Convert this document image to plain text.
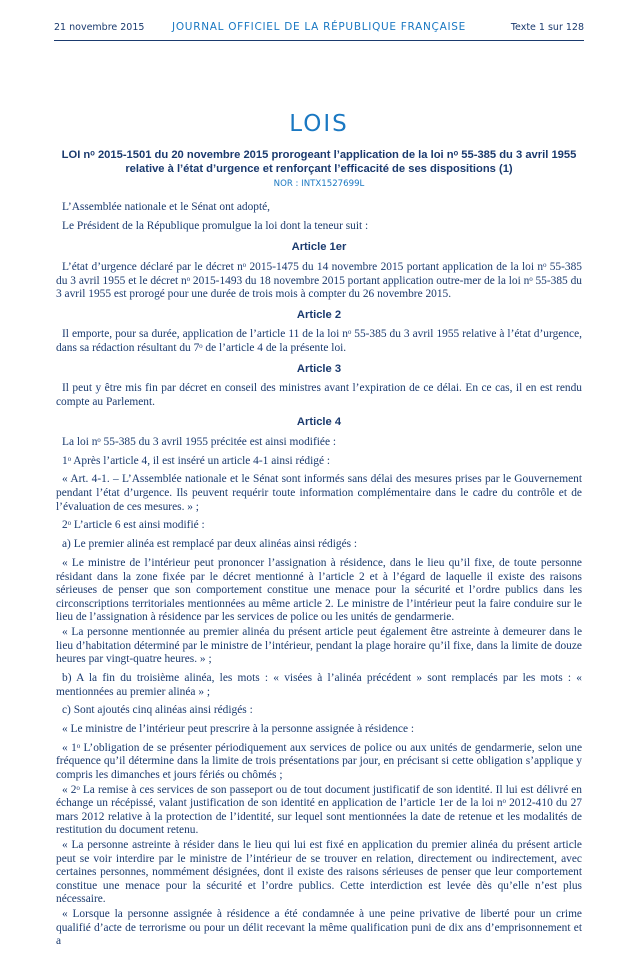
21 novembre 2015	JOURNAL OFFICIEL DE LA RÉPUBLIQUE FRANÇAISE	Texte 1 sur 128
LOIS
LOI nᵒ 2015-1501 du 20 novembre 2015 prorogeant l’application de la loi nᵒ 55-385 du 3 avril 1955 relative à l’état d’urgence et renforçant l’efficacité de ses dispositions (1)
NOR : INTX1527699L

L’Assemblée nationale et le Sénat ont adopté,

Le Président de la République promulgue la loi dont la teneur suit :

Article 1er

L’état d’urgence déclaré par le décret nᵒ 2015-1475 du 14 novembre 2015 portant application de la loi nᵒ 55-385 du 3 avril 1955 et le décret nᵒ 2015-1493 du 18 novembre 2015 portant application outre-mer de la loi nᵒ 55-385 du 3 avril 1955 est prorogé pour une durée de trois mois à compter du 26 novembre 2015.

Article 2

Il emporte, pour sa durée, application de l’article 11 de la loi nᵒ 55-385 du 3 avril 1955 relative à l’état d’urgence, dans sa rédaction résultant du 7ᵒ de l’article 4 de la présente loi.

Article 3

Il peut y être mis fin par décret en conseil des ministres avant l’expiration de ce délai. En ce cas, il en est rendu compte au Parlement.

Article 4

La loi nᵒ 55-385 du 3 avril 1955 précitée est ainsi modifiée :

1ᵒ Après l’article 4, il est inséré un article 4-1 ainsi rédigé :

« Art. 4-1. – L’Assemblée nationale et le Sénat sont informés sans délai des mesures prises par le Gouvernement pendant l’état d’urgence. Ils peuvent requérir toute information complémentaire dans le cadre du contrôle et de l’évaluation de ces mesures. » ;

2ᵒ L’article 6 est ainsi modifié :

a) Le premier alinéa est remplacé par deux alinéas ainsi rédigés :

« Le ministre de l’intérieur peut prononcer l’assignation à résidence, dans le lieu qu’il fixe, de toute personne résidant dans la zone fixée par le décret mentionné à l’article 2 et à l’égard de laquelle il existe des raisons sérieuses de penser que son comportement constitue une menace pour la sécurité et l’ordre publics dans les circonscriptions territoriales mentionnées au même article 2. Le ministre de l’intérieur peut la faire conduire sur le lieu de l’assignation à résidence par les services de police ou les unités de gendarmerie.

« La personne mentionnée au premier alinéa du présent article peut également être astreinte à demeurer dans le lieu d’habitation déterminé par le ministre de l’intérieur, pendant la plage horaire qu’il fixe, dans la limite de douze heures par vingt-quatre heures. » ;

b) A la fin du troisième alinéa, les mots : « visées à l’alinéa précédent » sont remplacés par les mots : « mentionnées au premier alinéa » ;

c) Sont ajoutés cinq alinéas ainsi rédigés :

« Le ministre de l’intérieur peut prescrire à la personne assignée à résidence :

« 1ᵒ L’obligation de se présenter périodiquement aux services de police ou aux unités de gendarmerie, selon une fréquence qu’il détermine dans la limite de trois présentations par jour, en précisant si cette obligation s’applique y compris les dimanches et jours fériés ou chômés ;

« 2ᵒ La remise à ces services de son passeport ou de tout document justificatif de son identité. Il lui est délivré en échange un récépissé, valant justification de son identité en application de l’article 1er de la loi nᵒ 2012-410 du 27 mars 2012 relative à la protection de l’identité, sur lequel sont mentionnées la date de retenue et les modalités de restitution du document retenu.

« La personne astreinte à résider dans le lieu qui lui est fixé en application du premier alinéa du présent article peut se voir interdire par le ministre de l’intérieur de se trouver en relation, directement ou indirectement, avec certaines personnes, nommément désignées, dont il existe des raisons sérieuses de penser que leur comportement constitue une menace pour la sécurité et l’ordre publics. Cette interdiction est levée dès qu’elle n’est plus nécessaire.

« Lorsque la personne assignée à résidence a été condamnée à une peine privative de liberté pour un crime qualifié d’acte de terrorisme ou pour un délit recevant la même qualification puni de dix ans d’emprisonnement et a
